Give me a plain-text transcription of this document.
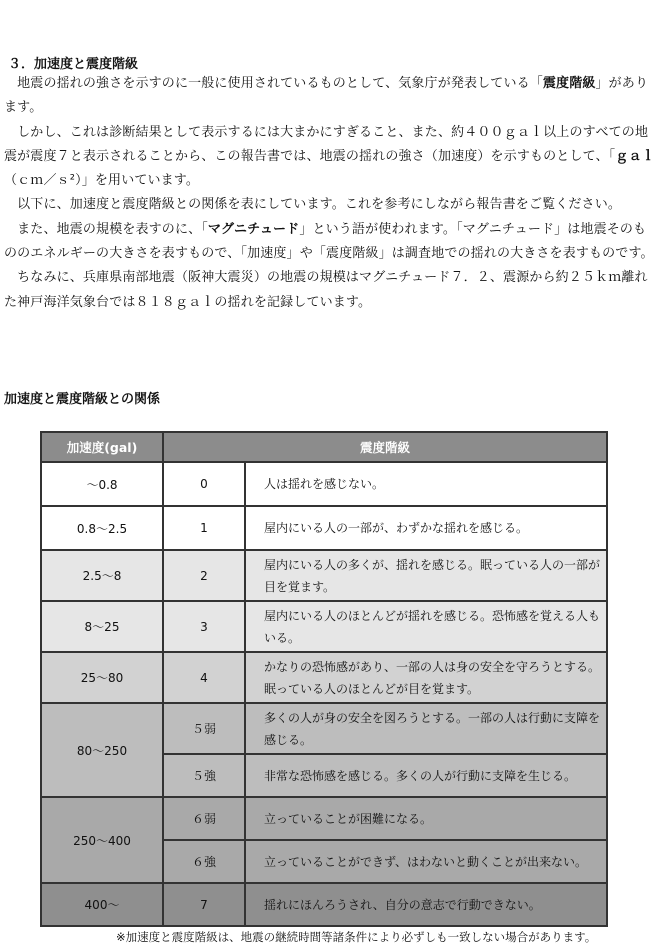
３．加速度と震度階級

　地震の揺れの強さを示すのに一般に使用されているものとして、気象庁が発表している「震度階級」があります。

　しかし、これは診断結果として表示するには大まかにすぎること、また、約４００ｇａｌ以上のすべての地震が震度７と表示されることから、この報告書では、地震の揺れの強さ（加速度）を示すものとして、「ｇａｌ（ｃｍ／ｓ²）」を用いています。

　以下に、加速度と震度階級との関係を表にしています。これを参考にしながら報告書をご覧ください。

　また、地震の規模を表すのに、「マグニチュード」という語が使われます。「マグニチュード」は地震そのもののエネルギーの大きさを表すもので、「加速度」や「震度階級」は調査地での揺れの大きさを表すものです。

　ちなみに、兵庫県南部地震（阪神大震災）の地震の規模はマグニチュード７．２、震源から約２５ｋｍ離れた神戸海洋気象台では８１８ｇａｌの揺れを記録しています。

加速度と震度階級との関係
加速度(gal)	震度階級	
～0.8	0	人は揺れを感じない。
0.8～2.5	1	屋内にいる人の一部が、わずかな揺れを感じる。
2.5～8	2	屋内にいる人の多くが、揺れを感じる。眠っている人の一部が目を覚ます。
8～25	3	屋内にいる人のほとんどが揺れを感じる。恐怖感を覚える人もいる。
25～80	4	かなりの恐怖感があり、一部の人は身の安全を守ろうとする。眠っている人のほとんどが目を覚ます。
80～250	５弱	多くの人が身の安全を図ろうとする。一部の人は行動に支障を感じる。
	５強	非常な恐怖感を感じる。多くの人が行動に支障を生じる。
250～400	６弱	立っていることが困難になる。
	６強	立っていることができず、はわないと動くことが出来ない。
400～	7	揺れにほんろうされ、自分の意志で行動できない。
※加速度と震度階級は、地震の継続時間等諸条件により必ずしも一致しない場合があります。
